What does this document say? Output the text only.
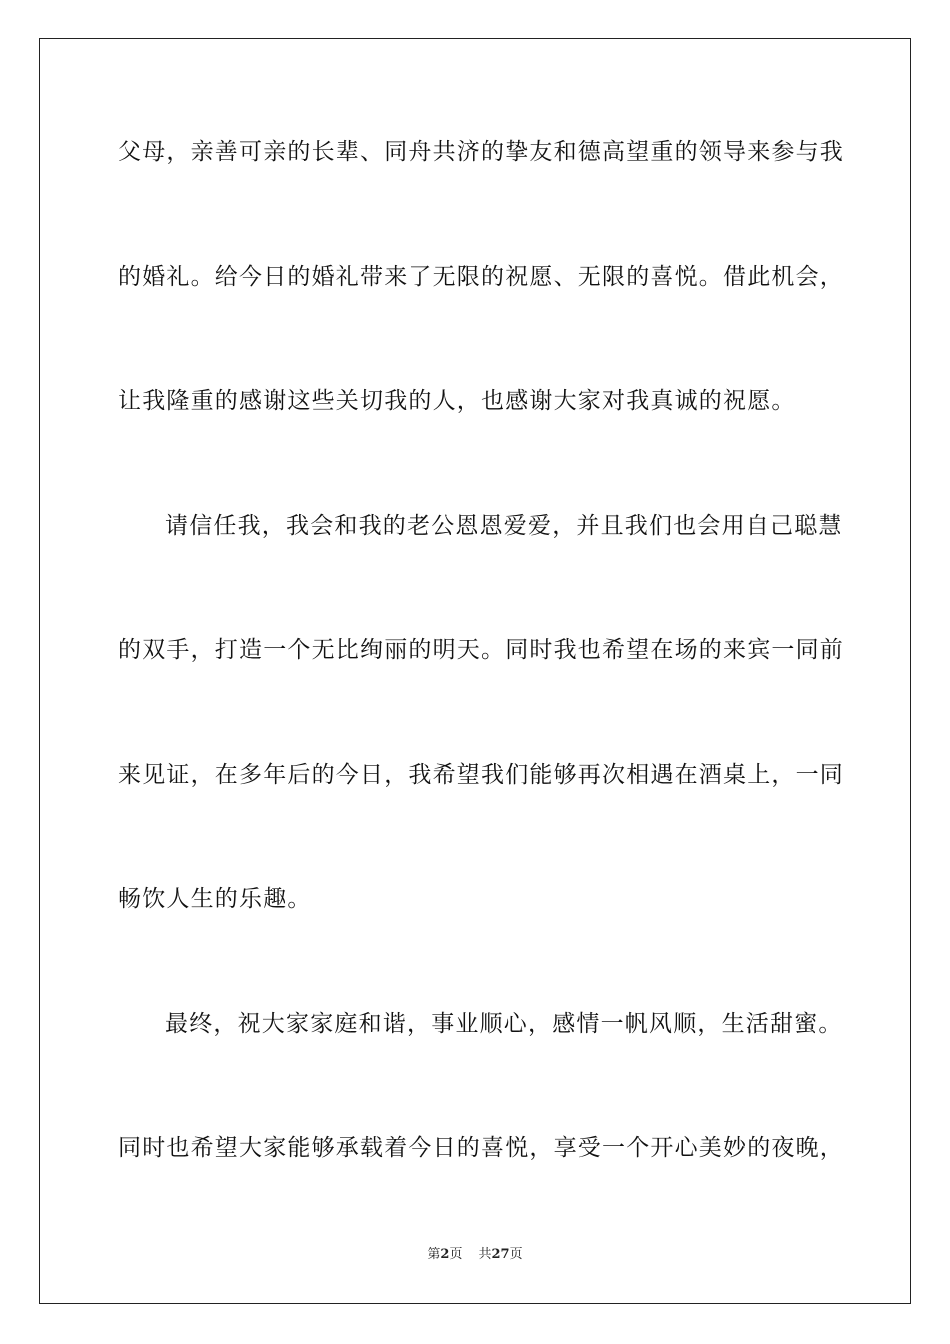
父母，亲善可亲的长辈、同舟共济的挚友和德高望重的领导来参与我
的婚礼。给今日的婚礼带来了无限的祝愿、无限的喜悦。借此机会，
让我隆重的感谢这些关切我的人，也感谢大家对我真诚的祝愿。
请信任我，我会和我的老公恩恩爱爱，并且我们也会用自己聪慧
的双手，打造一个无比绚丽的明天。同时我也希望在场的来宾一同前
来见证，在多年后的今日，我希望我们能够再次相遇在酒桌上，一同
畅饮人生的乐趣。
最终，祝大家家庭和谐，事业顺心，感情一帆风顺，生活甜蜜。
同时也希望大家能够承载着今日的喜悦，享受一个开心美妙的夜晚，
第2页 共27页
